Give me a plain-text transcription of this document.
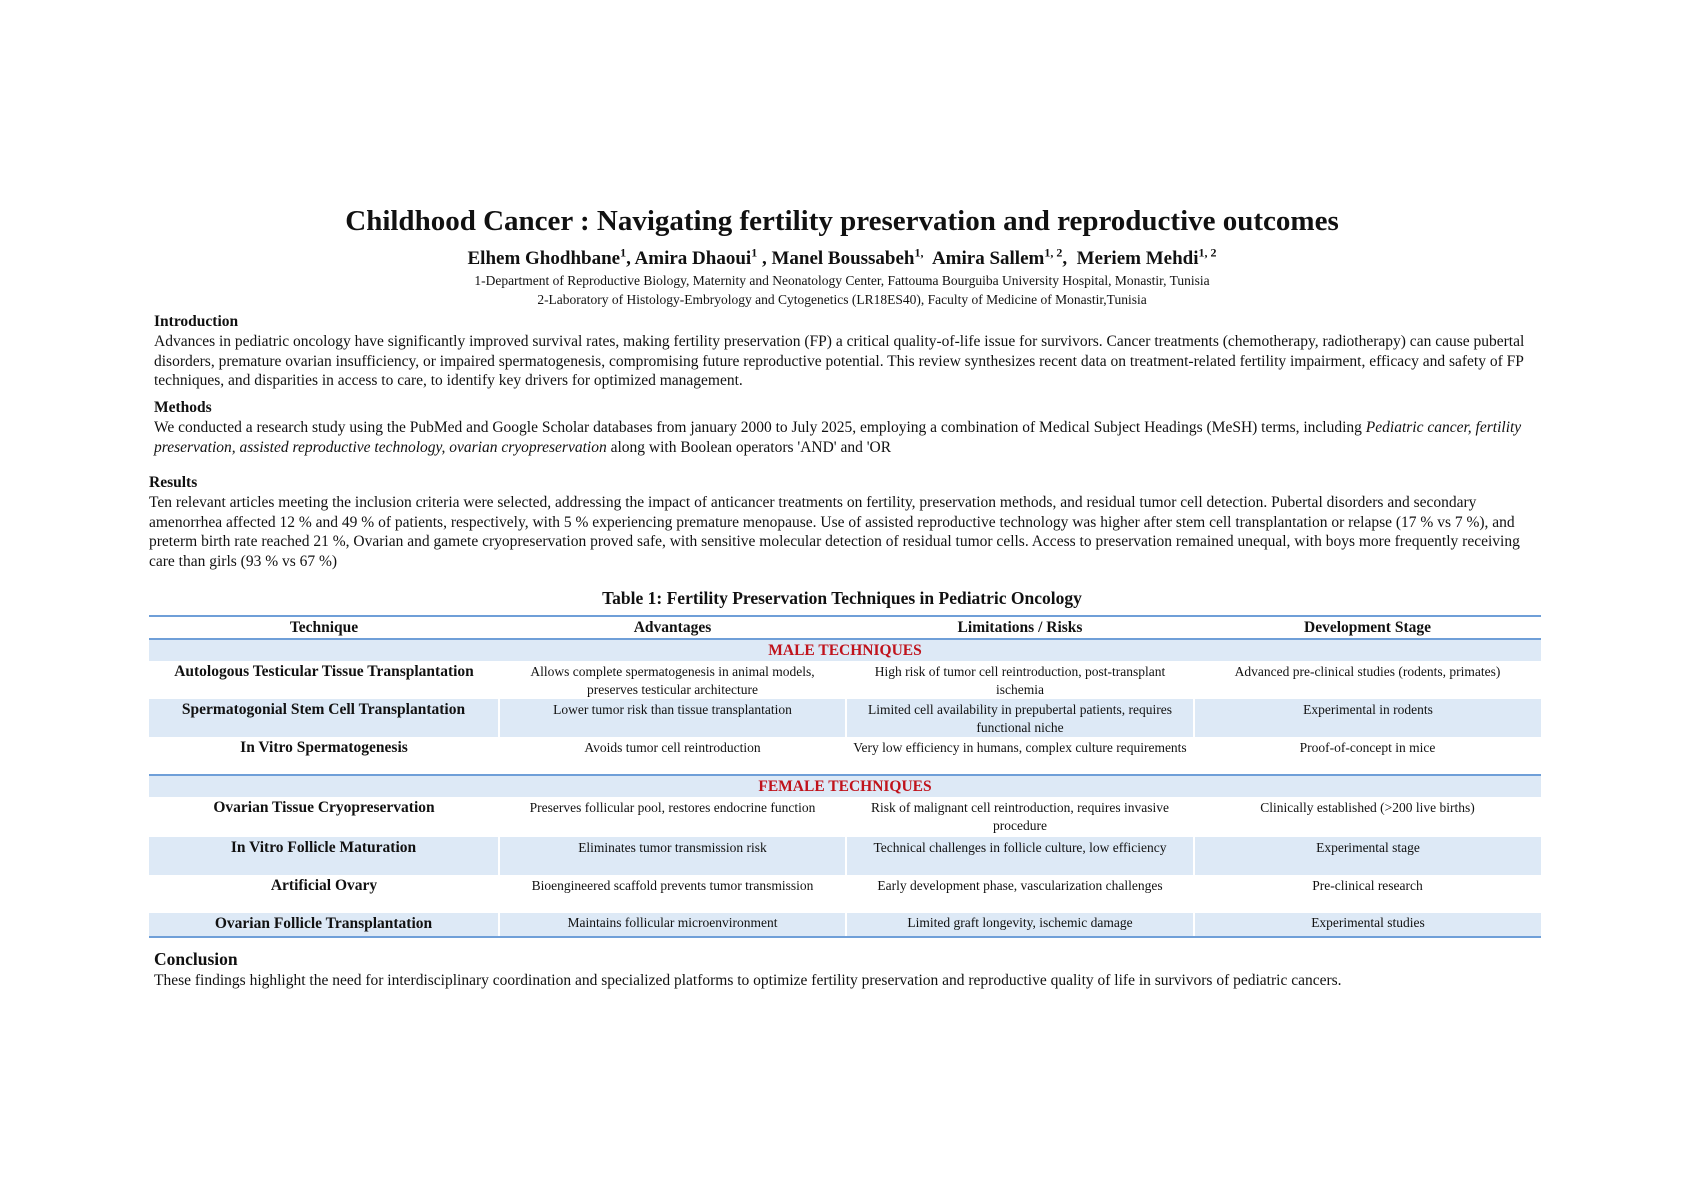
Childhood Cancer : Navigating fertility preservation and reproductive outcomes
Elhem Ghodhbane$^1$, Amira Dhaoui$^1$ , Manel Boussabeh$^{1,}$ Amira Sallem$^{1, 2}$,  Meriem Mehdi$^{1, 2}$
1-Department of Reproductive Biology, Maternity and Neonatology Center, Fattouma Bourguiba University Hospital, Monastir, Tunisia
2-Laboratory of Histology-Embryology and Cytogenetics (LR18ES40), Faculty of Medicine of Monastir,Tunisia

Introduction

Advances in pediatric oncology have significantly improved survival rates, making fertility preservation (FP) a critical quality-of-life issue for survivors. Cancer treatments (chemotherapy, radiotherapy) can cause pubertal disorders, premature ovarian insufficiency, or impaired spermatogenesis, compromising future reproductive potential. This review synthesizes recent data on treatment-related fertility impairment, efficacy and safety of FP techniques, and disparities in access to care, to identify key drivers for optimized management.

Methods

We conducted a research study using the PubMed and Google Scholar databases from january 2000 to July 2025, employing a combination of Medical Subject Headings (MeSH) terms, including Pediatric cancer, fertility preservation, assisted reproductive technology, ovarian cryopreservation along with Boolean operators 'AND' and 'OR

Results

Ten relevant articles meeting the inclusion criteria were selected, addressing the impact of anticancer treatments on fertility, preservation methods, and residual tumor cell detection. Pubertal disorders and secondary amenorrhea affected 12 % and 49 % of patients, respectively, with 5 % experiencing premature menopause. Use of assisted reproductive technology was higher after stem cell transplantation or relapse (17 % vs 7 %), and preterm birth rate reached 21 %, Ovarian and gamete cryopreservation proved safe, with sensitive molecular detection of residual tumor cells. Access to preservation remained unequal, with boys more frequently receiving care than girls (93 % vs 67 %)

Table 1: Fertility Preservation Techniques in Pediatric Oncology
Technique	Advantages	Limitations / Risks	Development Stage
MALE TECHNIQUES			
Autologous Testicular Tissue Transplantation	Allows complete spermatogenesis in animal models, preserves testicular architecture	High risk of tumor cell reintroduction, post-transplant ischemia	Advanced pre-clinical studies (rodents, primates)
Spermatogonial Stem Cell Transplantation	Lower tumor risk than tissue transplantation	Limited cell availability in prepubertal patients, requires functional niche	Experimental in rodents
In Vitro Spermatogenesis	Avoids tumor cell reintroduction	Very low efficiency in humans, complex culture requirements	Proof-of-concept in mice
FEMALE TECHNIQUES			
Ovarian Tissue Cryopreservation	Preserves follicular pool, restores endocrine function	Risk of malignant cell reintroduction, requires invasive procedure	Clinically established (>200 live births)
In Vitro Follicle Maturation	Eliminates tumor transmission risk	Technical challenges in follicle culture, low efficiency	Experimental stage
Artificial Ovary	Bioengineered scaffold prevents tumor transmission	Early development phase, vascularization challenges	Pre-clinical research
Ovarian Follicle Transplantation	Maintains follicular microenvironment	Limited graft longevity, ischemic damage	Experimental studies

Conclusion

These findings highlight the need for interdisciplinary coordination and specialized platforms to optimize fertility preservation and reproductive quality of life in survivors of pediatric cancers.
